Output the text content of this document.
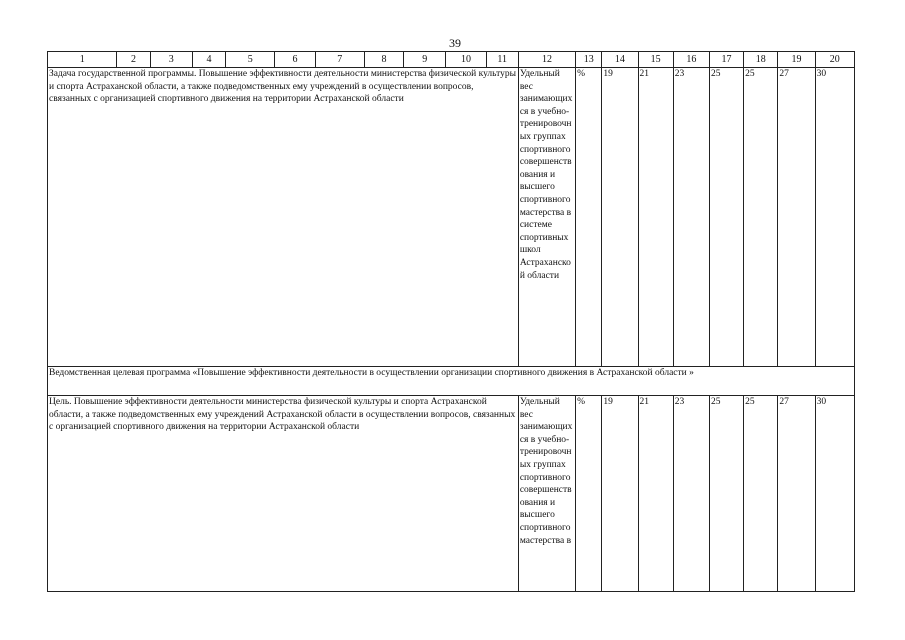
39
1	2	3	4	5	6	7	8	9	10	11	12	13	14	15	16	17	18	19	20
Задача государственной программы. Повышение эффективности деятельности министерства физической культуры и спорта Астраханской области, а также подведомственных ему учреждений в осуществлении вопросов, связанных с организацией спортивного движения на территории Астраханской области											Удельный вес занимающихся в учебно-тренировочных группах спортивного совершенствования и высшего спортивного мастерства в системе спортивных школ Астраханской области	%	19	21	23	25	25	27	30
Ведомственная целевая программа «Повышение эффективности деятельности в осуществлении организации спортивного движения в Астраханской области »																			
Цель. Повышение эффективности деятельности министерства физической культуры и спорта Астраханской области, а также подведомственных ему учреждений Астраханской области в осуществлении вопросов, связанных с организацией спортивного движения на территории Астраханской области											Удельный вес занимающихся в учебно-тренировочных группах спортивного совершенствования и высшего спортивного мастерства в	%	19	21	23	25	25	27	30
